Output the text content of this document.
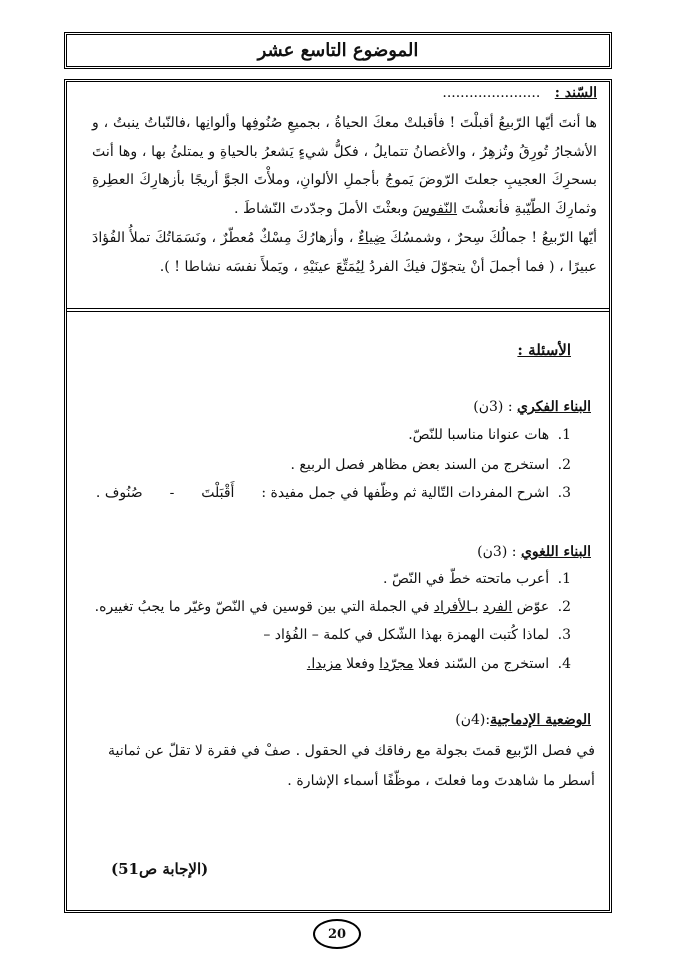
الموضوع التاسع عشر
السّند : ......................
ها أنتَ أيّها الرّبيعُ أقبلْتَ ! فأقبلتْ معكَ الحياةُ ، بجميعِ صُنُوفِها وألوانِها ،فالنّباتُ ينبتُ ، و الأشجارُ تُورِقُ وتُزهِرُ ، والأغصانُ تتمايلُ ، فكلُّ شيءٍ يَشعرُ بالحياةِ و يمتلئُ بها ، وها أنتَ بسحرِكَ العجيبِ جعلتَ الرّوضَ يَموجُ بأجملِ الألوانِ، وملأْتَ الجوَّ أريجًا بأزهارِكَ العطِرةِ وثمارِكَ الطّيّبةِ فأنعشْتَ النّفوسَ وبعثْتَ الأملَ وجدّدتَ النّشاطَ .
أيّها الرّبيعُ ! جمالُكَ سِحرٌ ، وشمسُكَ ضِياءٌ ، وأزهارُكَ مِسْكٌ مُعطّرٌ ، ونَسَمَاتُكَ تملأُ الفُؤادَ عبيرًا ، ( فما أجملَ أنْ يتجوّلَ فيكَ الفردُ لِيُمَتِّعَ عينَيْهِ ، ويَملأَ نفسَه نشاطا ! ).
الأسئلة :
البناء الفكري : (3ن)
1. هات عنوانا مناسبا للنّصّ.
2. استخرج من السند بعض مظاهر فصل الربيع .
3. اشرح المفردات التّالية ثم وظّفها في جمل مفيدة :  أَقْبَلْتَ  -  صُنُوف .
البناء اللغوي : (3ن)
1. أعرب ماتحته خطّ في النّصّ .
2. عوّض الفرد بـالأفراد في الجملة التي بين قوسين في النّصّ وغيّر ما يجبُ تغييره.
3. لماذا كُتبت الهمزة بهذا الشّكل في كلمة – الفُؤاد –
4. استخرج من السّند فعلا مجرّدا وفعلا مزيدا.
الوضعية الإدماجية:(4ن)
في فصل الرّبيع قمتَ بجولة مع رفاقك في الحقول . صفْ في فقرة لا تقلّ عن ثمانية أسطر ما شاهدتَ وما فعلتَ ، موظّفًا أسماء الإشارة .
(الإجابة ص51)
20
